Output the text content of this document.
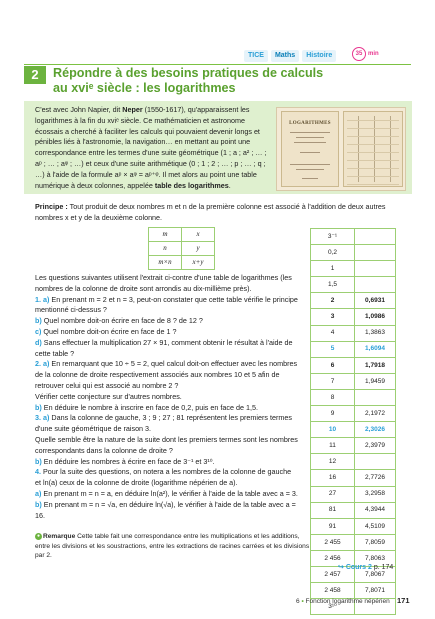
TICE	Maths	Histoire	35 min
2	Répondre à des besoins pratiques de calculs
au xviᵉ siècle : les logarithmes
C'est avec John Napier, dit Neper (1550-1617), qu'apparaissent les logarithmes à la fin du xviᵉ siècle. Ce mathématicien et astronome écossais a cherché à faciliter les calculs qui pouvaient devenir longs et pénibles liés à l'astronomie, la navigation… en mettant au point une correspondance entre les termes d'une suite géométrique (1 ; a ; a² ; … ; aᵖ ; … ; aᵠ ; …) et ceux d'une suite arithmétique (0 ; 1 ; 2 ; … ; p ; … ; q ; …) à l'aide de la formule aᵖ × aᵠ = aᵖ⁺ᵠ. Il met alors au point une table numérique à deux colonnes, appelée table des logarithmes.
LOGARITHMES
Principe : Tout produit de deux nombres m et n de la première colonne est associé à l'addition de deux autres nombres x et y de la deuxième colonne.
m	x
n	y
m×n	x+y
3⁻¹	
0,2	
1	
1,5	
2	0,6931
3	1,0986
4	1,3863
5	1,6094
6	1,7918
7	1,9459
8	
9	2,1972
10	2,3026
11	2,3979
12	
16	2,7726
27	3,2958
81	4,3944
91	4,5109
2 455	7,8059
2 456	7,8063
2 457	7,8067
2 458	7,8071
3¹⁰	

Les questions suivantes utilisent l'extrait ci-contre d'une table de logarithmes (les nombres de la colonne de droite sont arrondis au dix-millième près).

1. a) En prenant m = 2 et n = 3, peut-on constater que cette table vérifie le principe mentionné ci-dessus ?

b) Quel nombre doit-on écrire en face de 8 ? de 12 ?

c) Quel nombre doit-on écrire en face de 1 ?

d) Sans effectuer la multiplication 27 × 91, comment obtenir le résultat à l'aide de cette table ?

2. a) En remarquant que 10 ÷ 5 = 2, quel calcul doit-on effectuer avec les nombres de la colonne de droite respectivement associés aux nombres 10 et 5 afin de retrouver celui qui est associé au nombre 2 ?

Vérifier cette conjecture sur d'autres nombres.

b) En déduire le nombre à inscrire en face de 0,2, puis en face de 1,5.

3. a) Dans la colonne de gauche, 3 ; 9 ; 27 ; 81 représentent les premiers termes d'une suite géométrique de raison 3.

Quelle semble être la nature de la suite dont les premiers termes sont les nombres correspondants dans la colonne de droite ?

b) En déduire les nombres à écrire en face de 3⁻¹ et 3¹⁰.

4. Pour la suite des questions, on notera a les nombres de la colonne de gauche et ln(a) ceux de la colonne de droite (logarithme népérien de a).

a) En prenant m = n = a, en déduire ln(a²), le vérifier à l'aide de la table avec a = 3.

b) En prenant m = n = √a, en déduire ln(√a), le vérifier à l'aide de la table avec a = 16.

● Remarque Cette table fait une correspondance entre les multiplications et les additions, entre les divisions et les soustractions, entre les extractions de racines carrées et les divisions par 2.
↪ Cours 2 p. 174
6 • Fonction logarithme népérien 171
